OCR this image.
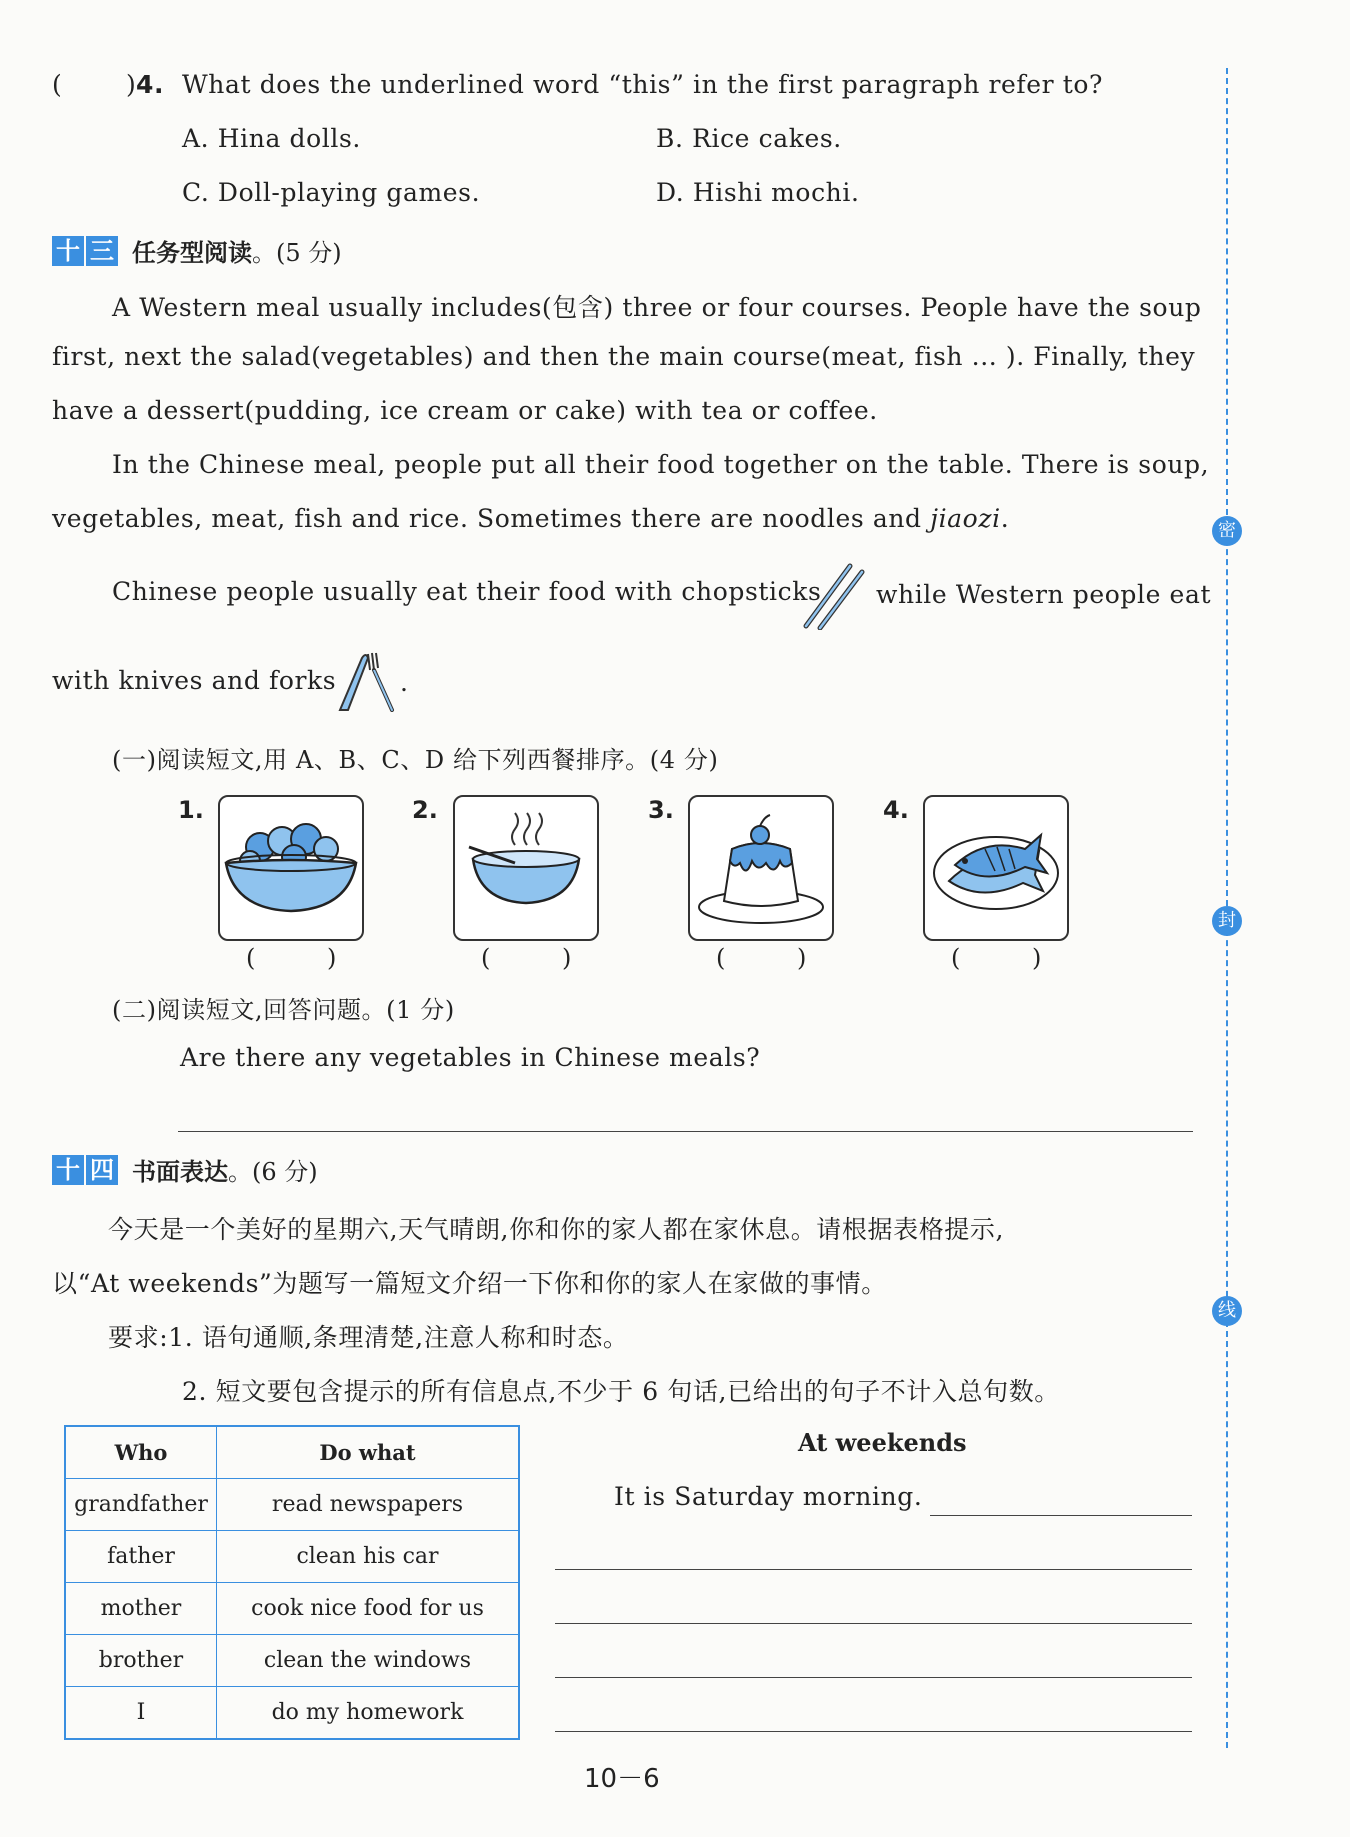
(	) 4. What does the underlined word “this” in the first paragraph refer to?
A. Hina dolls.	B. Rice cakes.
C. Doll-playing games.	D. Hishi mochi.
十 三 任务型阅读 。(5 分)
A Western meal usually includes(包含) three or four courses. People have the soup
first, next the salad(vegetables) and then the main course(meat, fish ... ). Finally, they
have a dessert(pudding, ice cream or cake) with tea or coffee.
In the Chinese meal, people put all their food together on the table. There is soup,
vegetables, meat, fish and rice. Sometimes there are noodles and jiaozi.
Chinese people usually eat their food with chopsticks while Western people eat
with knives and forks	.
(一)阅读短文,用 A、B、C、D 给下列西餐排序。(4 分)
1.
( )
2.
( )
3.
( )
4.
( )
(二)阅读短文,回答问题。(1 分)
Are there any vegetables in Chinese meals?
十 四 书面表达 。(6 分)
今天是一个美好的星期六,天气晴朗,你和你的家人都在家休息。请根据表格提示,
以“At weekends”为题写一篇短文介绍一下你和你的家人在家做的事情。
要求:1. 语句通顺,条理清楚,注意人称和时态。
2. 短文要包含提示的所有信息点,不少于 6 句话,已给出的句子不计入总句数。
Who	Do what
grandfather	read newspapers
father	clean his car
mother	cook nice food for us
brother	clean the windows
I	do my homework
At weekends
It is Saturday morning.
密
封
线
10－6
